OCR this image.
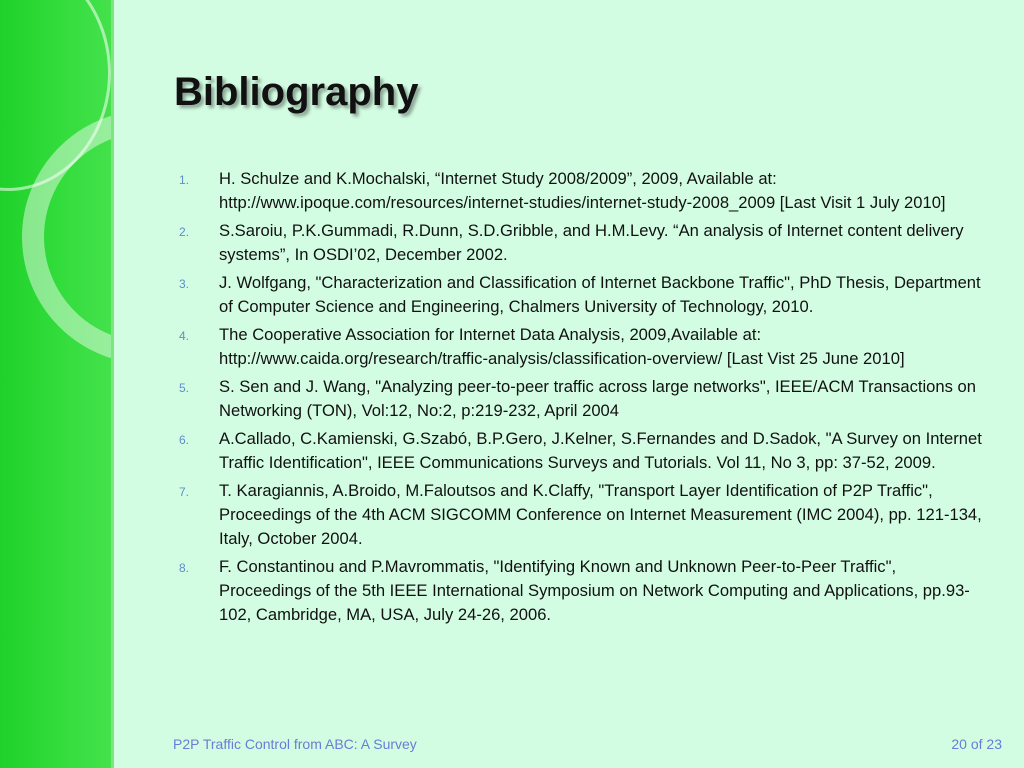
Bibliography
1. H. Schulze and K.Mochalski, “Internet Study 2008/2009”, 2009, Available at: http://www.ipoque.com/resources/internet-studies/internet-study-2008_2009 [Last Visit 1 July 2010]
2. S.Saroiu, P.K.Gummadi, R.Dunn, S.D.Gribble, and H.M.Levy. “An analysis of Internet content delivery systems”, In OSDI’02, December 2002.
3. J. Wolfgang, "Characterization and Classification of Internet Backbone Traffic", PhD Thesis, Department of Computer Science and Engineering, Chalmers University of Technology, 2010.
4. The Cooperative Association for Internet Data Analysis, 2009,Available at: http://www.caida.org/research/traffic-analysis/classification-overview/ [Last Vist 25 June 2010]
5. S. Sen and J. Wang, "Analyzing peer-to-peer traffic across large networks", IEEE/ACM Transactions on Networking (TON), Vol:12, No:2, p:219-232, April 2004
6. A.Callado, C.Kamienski, G.Szabó, B.P.Gero, J.Kelner, S.Fernandes and D.Sadok, "A Survey on Internet Traffic Identification", IEEE Communications Surveys and Tutorials. Vol 11, No 3, pp: 37-52, 2009.
7. T. Karagiannis, A.Broido, M.Faloutsos and K.Claffy, "Transport Layer Identification of P2P Traffic", Proceedings of the 4th ACM SIGCOMM Conference on Internet Measurement (IMC 2004), pp. 121-134, Italy, October 2004.
8. F. Constantinou and P.Mavrommatis, "Identifying Known and Unknown Peer-to-Peer Traffic", Proceedings of the 5th IEEE International Symposium on Network Computing and Applications, pp.93-102, Cambridge, MA, USA, July 24-26, 2006.
P2P Traffic Control from ABC: A Survey	20 of 23
